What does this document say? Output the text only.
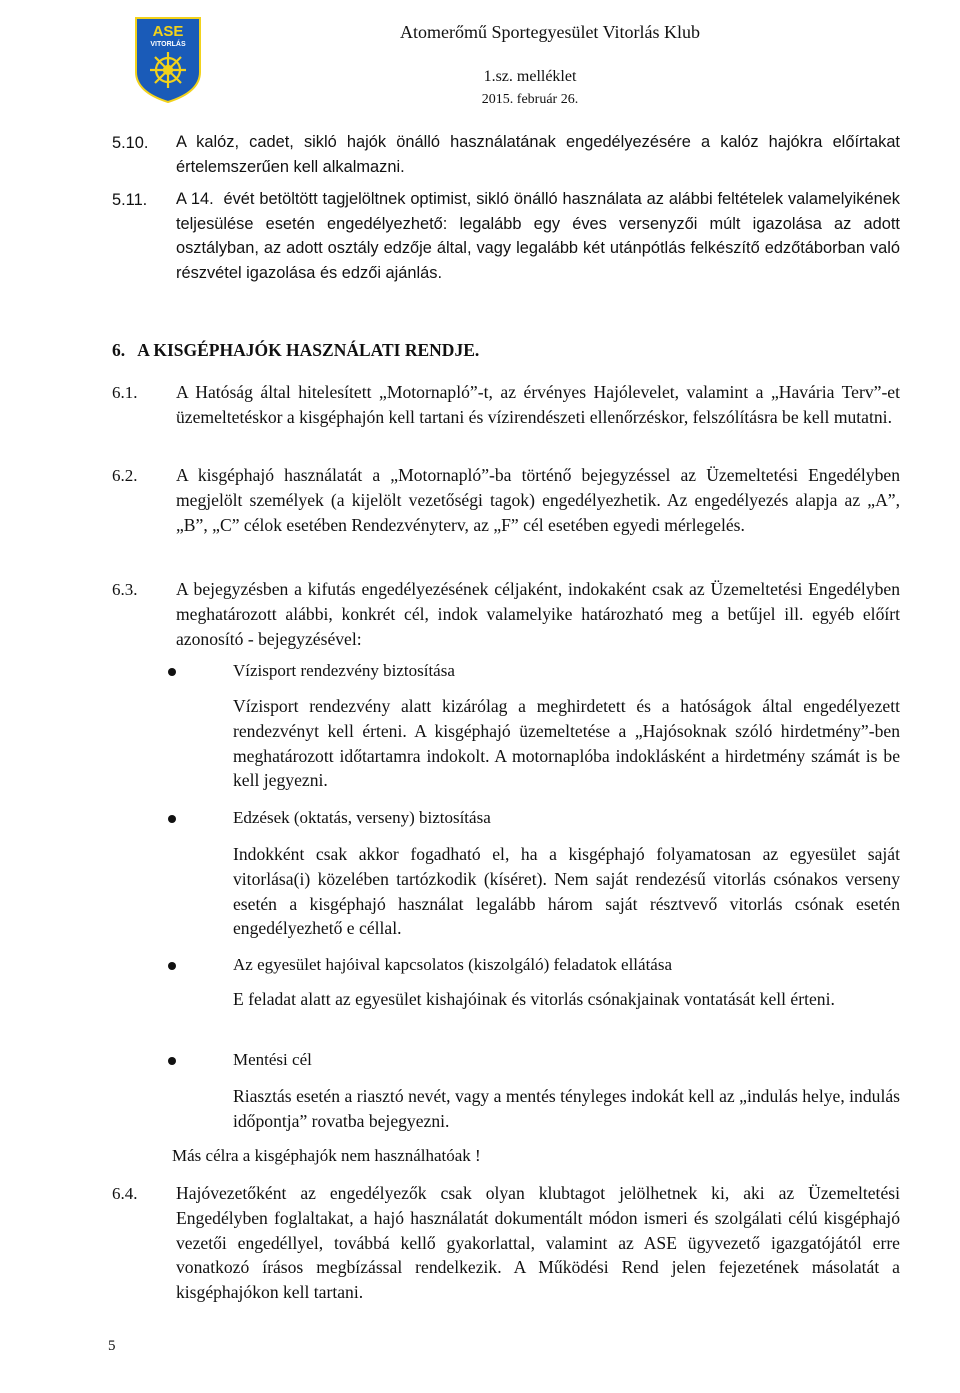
ASE
VITORLÁS
Atomerőmű Sportegyesület Vitorlás Klub
1.sz. melléklet
2015. február 26.
5.10. A kalóz, cadet, sikló hajók önálló használatának engedélyezésére a kalóz hajókra előírtakat értelemszerűen kell alkalmazni.

5.11. A 14. évét betöltött tagjelöltnek optimist, sikló önálló használata az alábbi feltételek valamelyikének teljesülése esetén engedélyezhető: legalább egy éves versenyzői múlt igazolása az adott osztályban, az adott osztály edzője által, vagy legalább két utánpótlás felkészítő edzőtáborban való részvétel igazolása és edzői ajánlás.

6.   A KISGÉPHAJÓK HASZNÁLATI RENDJE.
6.1. A Hatóság által hitelesített „Motornapló”-t, az érvényes Hajólevelet, valamint a „Havária Terv”-et üzemeltetéskor a kisgéphajón kell tartani és vízirendészeti ellenőrzéskor, felszólításra be kell mutatni.

6.2. A kisgéphajó használatát a „Motornapló”-ba történő bejegyzéssel az Üzemeltetési Engedélyben megjelölt személyek (a kijelölt vezetőségi tagok) engedélyezhetik. Az engedélyezés alapja az „A”, „B”, „C” célok esetében Rendezvényterv, az „F” cél esetében egyedi mérlegelés.

6.3. A bejegyzésben a kifutás engedélyezésének céljaként, indokaként csak az Üzemeltetési Engedélyben meghatározott alábbi, konkrét cél, indok valamelyike határozható meg a betűjel ill. egyéb előírt azonosító - bejegyzésével:

Vízisport rendezvény biztosítása

Vízisport rendezvény alatt kizárólag a meghirdetett és a hatóságok által engedélyezett rendezvényt kell érteni. A kisgéphajó üzemeltetése a „Hajósoknak szóló hirdetmény”-ben meghatározott időtartamra indokolt. A motornaplóba indoklásként a hirdetmény számát is be kell jegyezni.

Edzések (oktatás, verseny) biztosítása

Indokként csak akkor fogadható el, ha a kisgéphajó folyamatosan az egyesület saját vitorlása(i) közelében tartózkodik (kíséret). Nem saját rendezésű vitorlás csónakos verseny esetén a kisgéphajó használat legalább három saját résztvevő vitorlás csónak esetén engedélyezhető e céllal.

Az egyesület hajóival kapcsolatos (kiszolgáló) feladatok ellátása

E feladat alatt az egyesület kishajóinak és vitorlás csónakjainak vontatását kell érteni.

Mentési cél

Riasztás esetén a riasztó nevét, vagy a mentés tényleges indokát kell az „indulás helye, indulás időpontja” rovatba bejegyezni.

Más célra a kisgéphajók nem használhatóak !
6.4. Hajóvezetőként az engedélyezők csak olyan klubtagot jelölhetnek ki, aki az Üzemeltetési Engedélyben foglaltakat, a hajó használatát dokumentált módon ismeri és szolgálati célú kisgéphajó vezetői engedéllyel, továbbá kellő gyakorlattal, valamint az ASE ügyvezető igazgatójától erre vonatkozó írásos megbízással rendelkezik. A Működési Rend jelen fejezetének másolatát a kisgéphajókon kell tartani.

5
